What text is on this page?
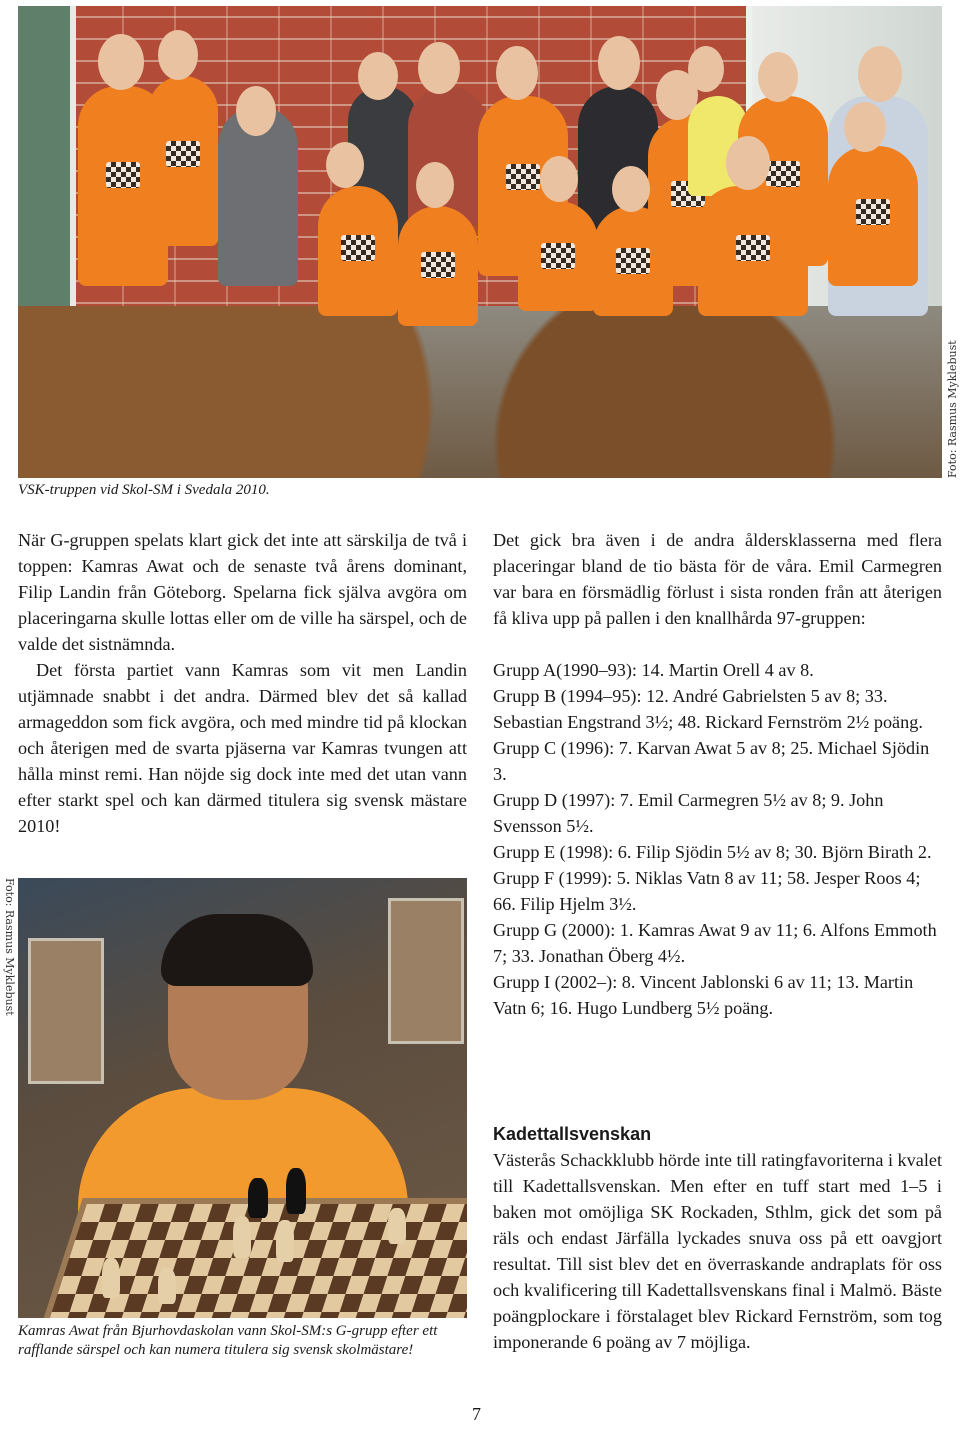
Foto: Rasmus Myklebust
VSK-truppen vid Skol-SM i Svedala 2010.

När G-gruppen spelats klart gick det inte att särskilja de två i toppen: Kamras Awat och de senaste två årens dominant, Filip Landin från Göteborg. Spelarna fick själva avgöra om placeringarna skulle lottas eller om de ville ha särspel, och de valde det sistnämnda.

Det första partiet vann Kamras som vit men Landin utjämnade snabbt i det andra. Därmed blev det så kallad armageddon som fick avgöra, och med mindre tid på klockan och återigen med de svarta pjäserna var Kamras tvungen att hålla minst remi. Han nöjde sig dock inte med det utan vann efter starkt spel och kan därmed titulera sig svensk mästare 2010!

Foto: Rasmus Myklebust
Kamras Awat från Bjurhovdaskolan vann Skol-SM:s G-grupp efter ett rafflande särspel och kan numera titulera sig svensk skolmästare!

Det gick bra även i de andra åldersklasserna med flera placeringar bland de tio bästa för de våra. Emil Carmegren var bara en försmädlig förlust i sista ronden från att återigen få kliva upp på pallen i den knallhårda 97-gruppen:

Grupp A(1990–93): 14. Martin Orell 4 av 8.

Grupp B (1994–95): 12. André Gabrielsten 5 av 8; 33. Sebastian Engstrand 3½; 48. Rickard Fernström 2½ poäng.

Grupp C (1996): 7. Karvan Awat 5 av 8; 25. Michael Sjödin 3.

Grupp D (1997): 7. Emil Carmegren 5½ av 8; 9. John Svensson 5½.

Grupp E (1998): 6. Filip Sjödin 5½ av 8; 30. Björn Birath 2.

Grupp F (1999): 5. Niklas Vatn 8 av 11; 58. Jesper Roos 4; 66. Filip Hjelm 3½.

Grupp G (2000): 1. Kamras Awat 9 av 11; 6. Alfons Emmoth 7; 33. Jonathan Öberg 4½.

Grupp I (2002–): 8. Vincent Jablonski 6 av 11; 13. Martin Vatn 6; 16. Hugo Lundberg 5½ poäng.

Kadettallsvenskan

Västerås Schackklubb hörde inte till ratingfavoriterna i kvalet till Kadettallsvenskan. Men efter en tuff start med 1–5 i baken mot omöjliga SK Rockaden, Sthlm, gick det som på räls och endast Järfälla lyckades snuva oss på ett oavgjort resultat. Till sist blev det en överraskande andraplats för oss och kvalificering till Kadettallsvenskans final i Malmö. Bäste poängplockare i förstalaget blev Rickard Fernström, som tog imponerande 6 poäng av 7 möjliga.

7
